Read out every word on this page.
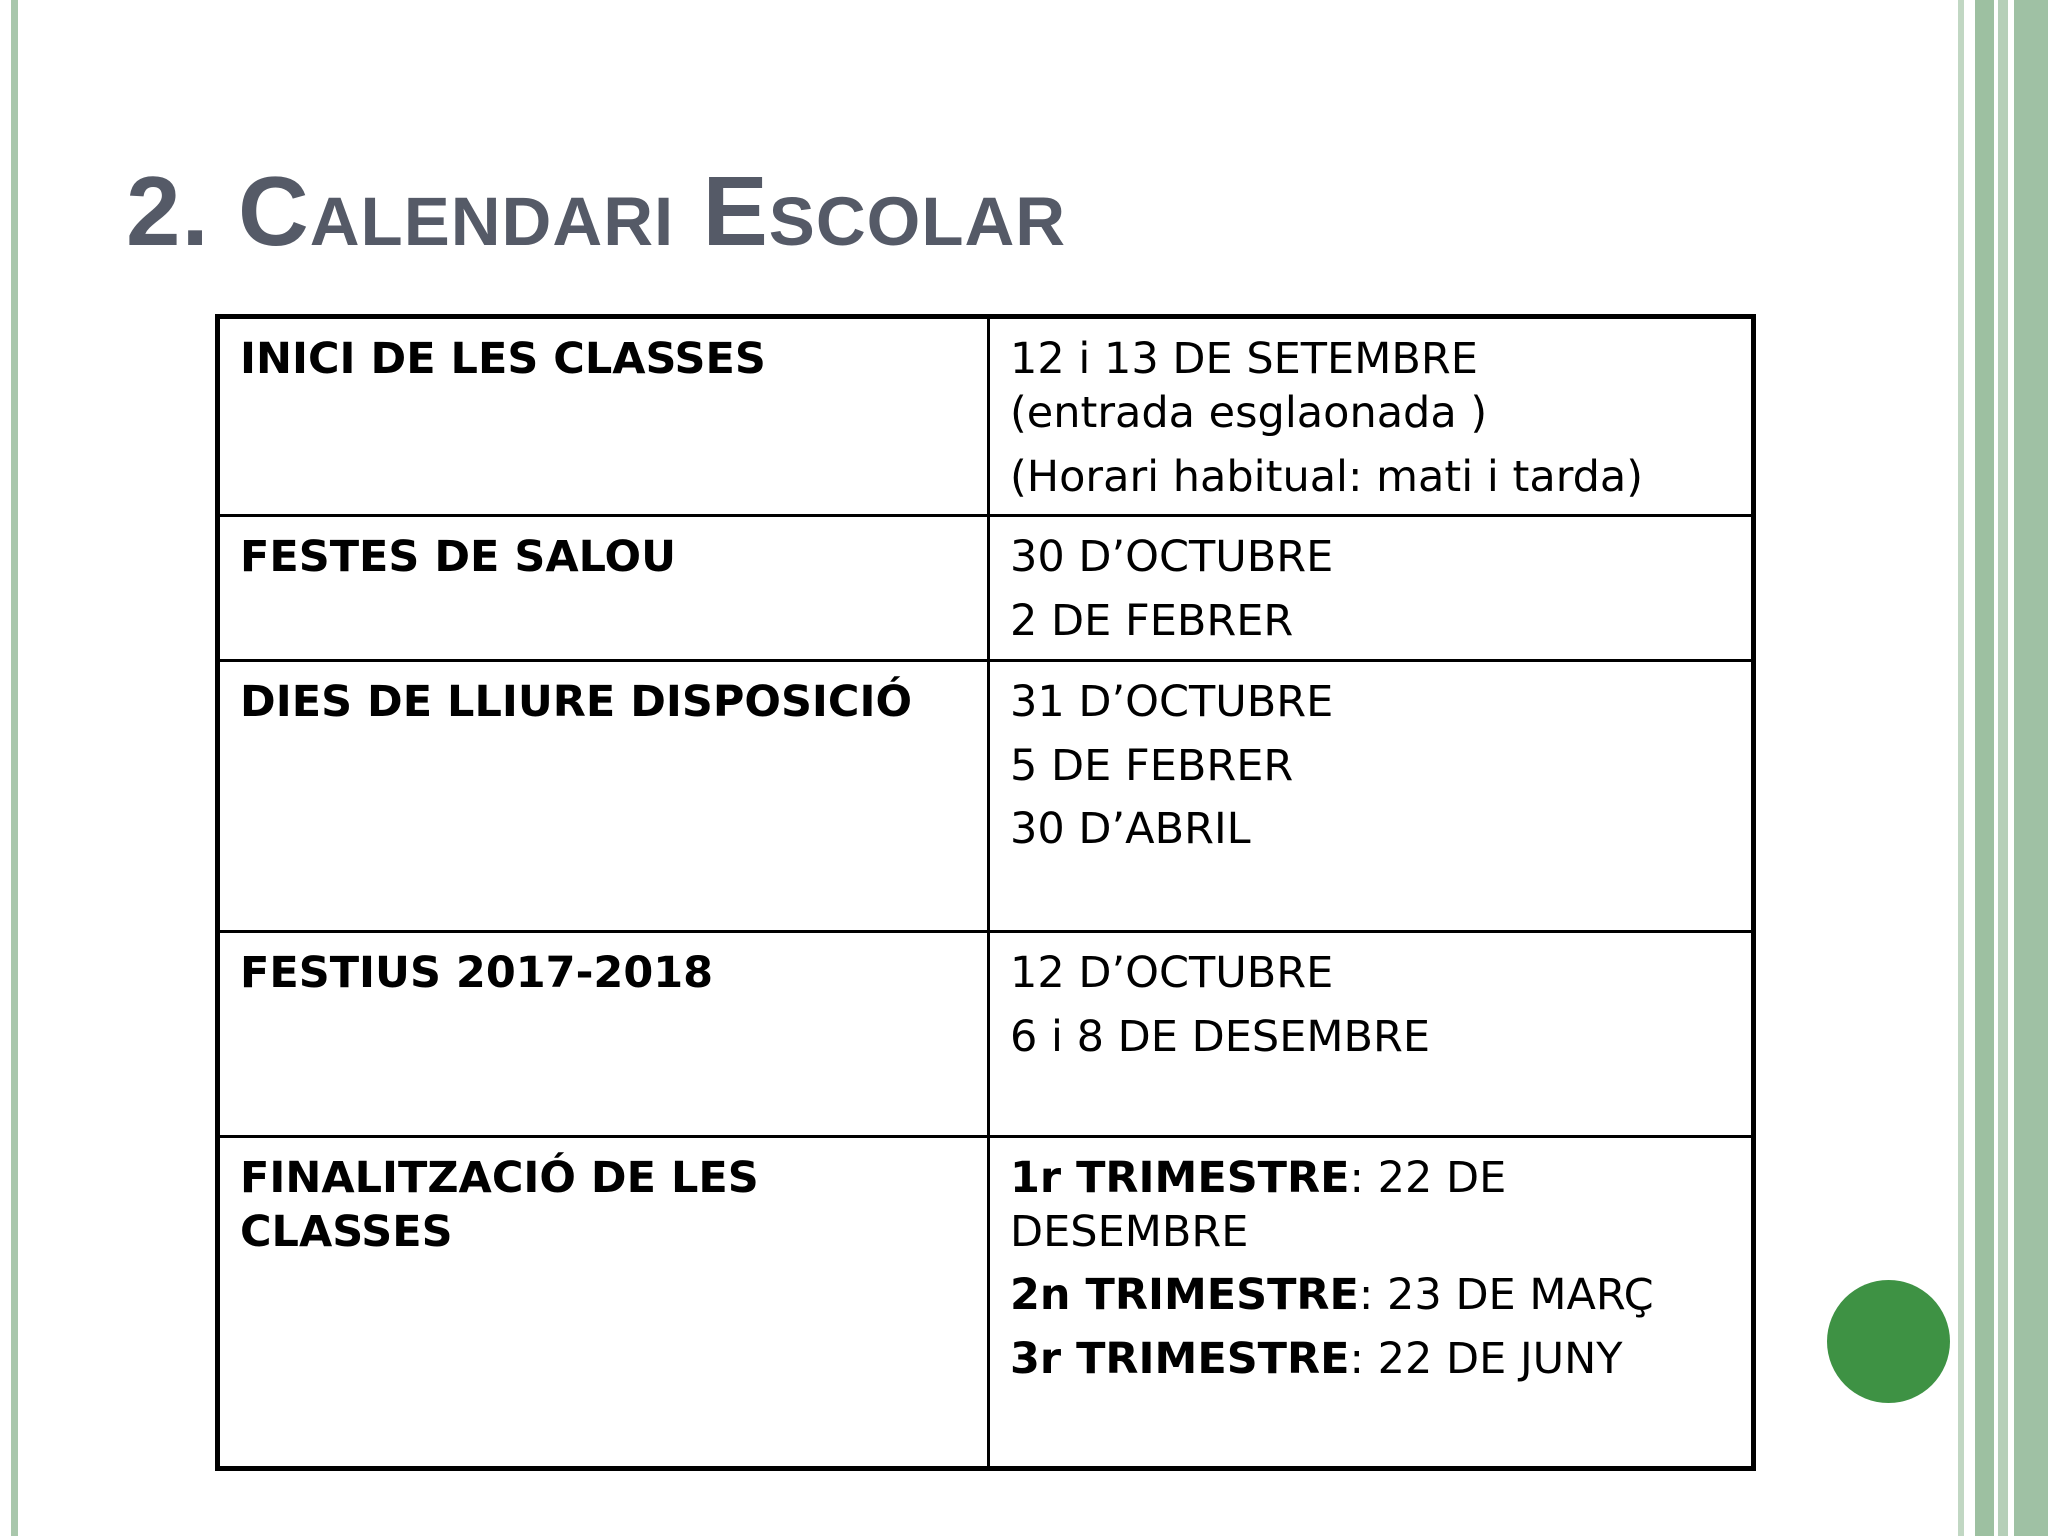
2. Calendari Escolar
INICI DE LES CLASSES	12 i 13 DE SETEMBRE
(entrada esglaonada )
(Horari habitual: mati i tarda)

FESTES DE SALOU	30 D’OCTUBRE
2 DE FEBRER

DIES DE LLIURE DISPOSICIÓ	31 D’OCTUBRE
5 DE FEBRER
30 D’ABRIL

FESTIUS 2017-2018	12 D’OCTUBRE
6 i 8 DE DESEMBRE

FINALITZACIÓ DE LES CLASSES	1r TRIMESTRE: 22 DE DESEMBRE
2n TRIMESTRE: 23 DE MARÇ
3r TRIMESTRE: 22 DE JUNY
